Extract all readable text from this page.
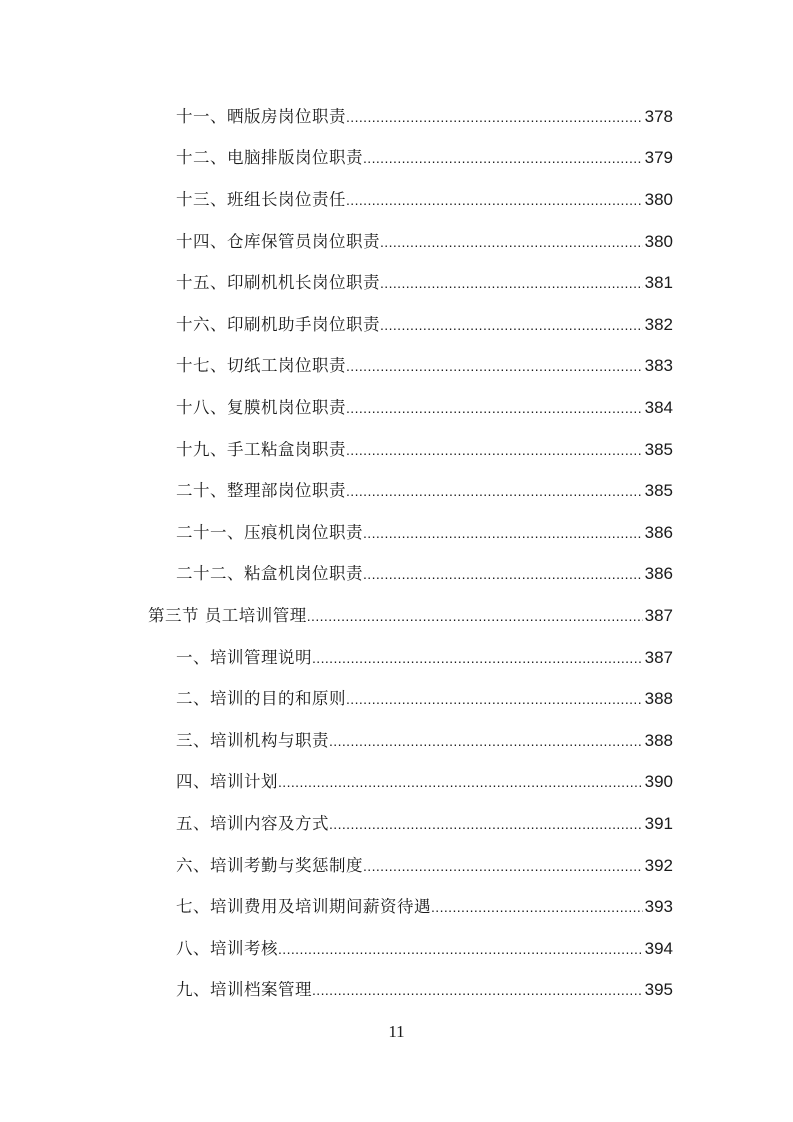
十一、晒版房岗位职责 .....	378
十二、电脑排版岗位职责 .....	379
十三、班组长岗位责任 .....	380
十四、仓库保管员岗位职责 .....	380
十五、印刷机机长岗位职责 .....	381
十六、印刷机助手岗位职责 .....	382
十七、切纸工岗位职责 .....	383
十八、复膜机岗位职责 .....	384
十九、手工粘盒岗职责 .....	385
二十、整理部岗位职责 .....	385
二十一、压痕机岗位职责 .....	386
二十二、粘盒机岗位职责 .....	386
第三节 员工培训管理 .....	387
一、培训管理说明 .....	387
二、培训的目的和原则 .....	388
三、培训机构与职责 .....	388
四、培训计划 .....	390
五、培训内容及方式 .....	391
六、培训考勤与奖惩制度 .....	392
七、培训费用及培训期间薪资待遇 .....	393
八、培训考核 .....	394
九、培训档案管理 .....	395
11
